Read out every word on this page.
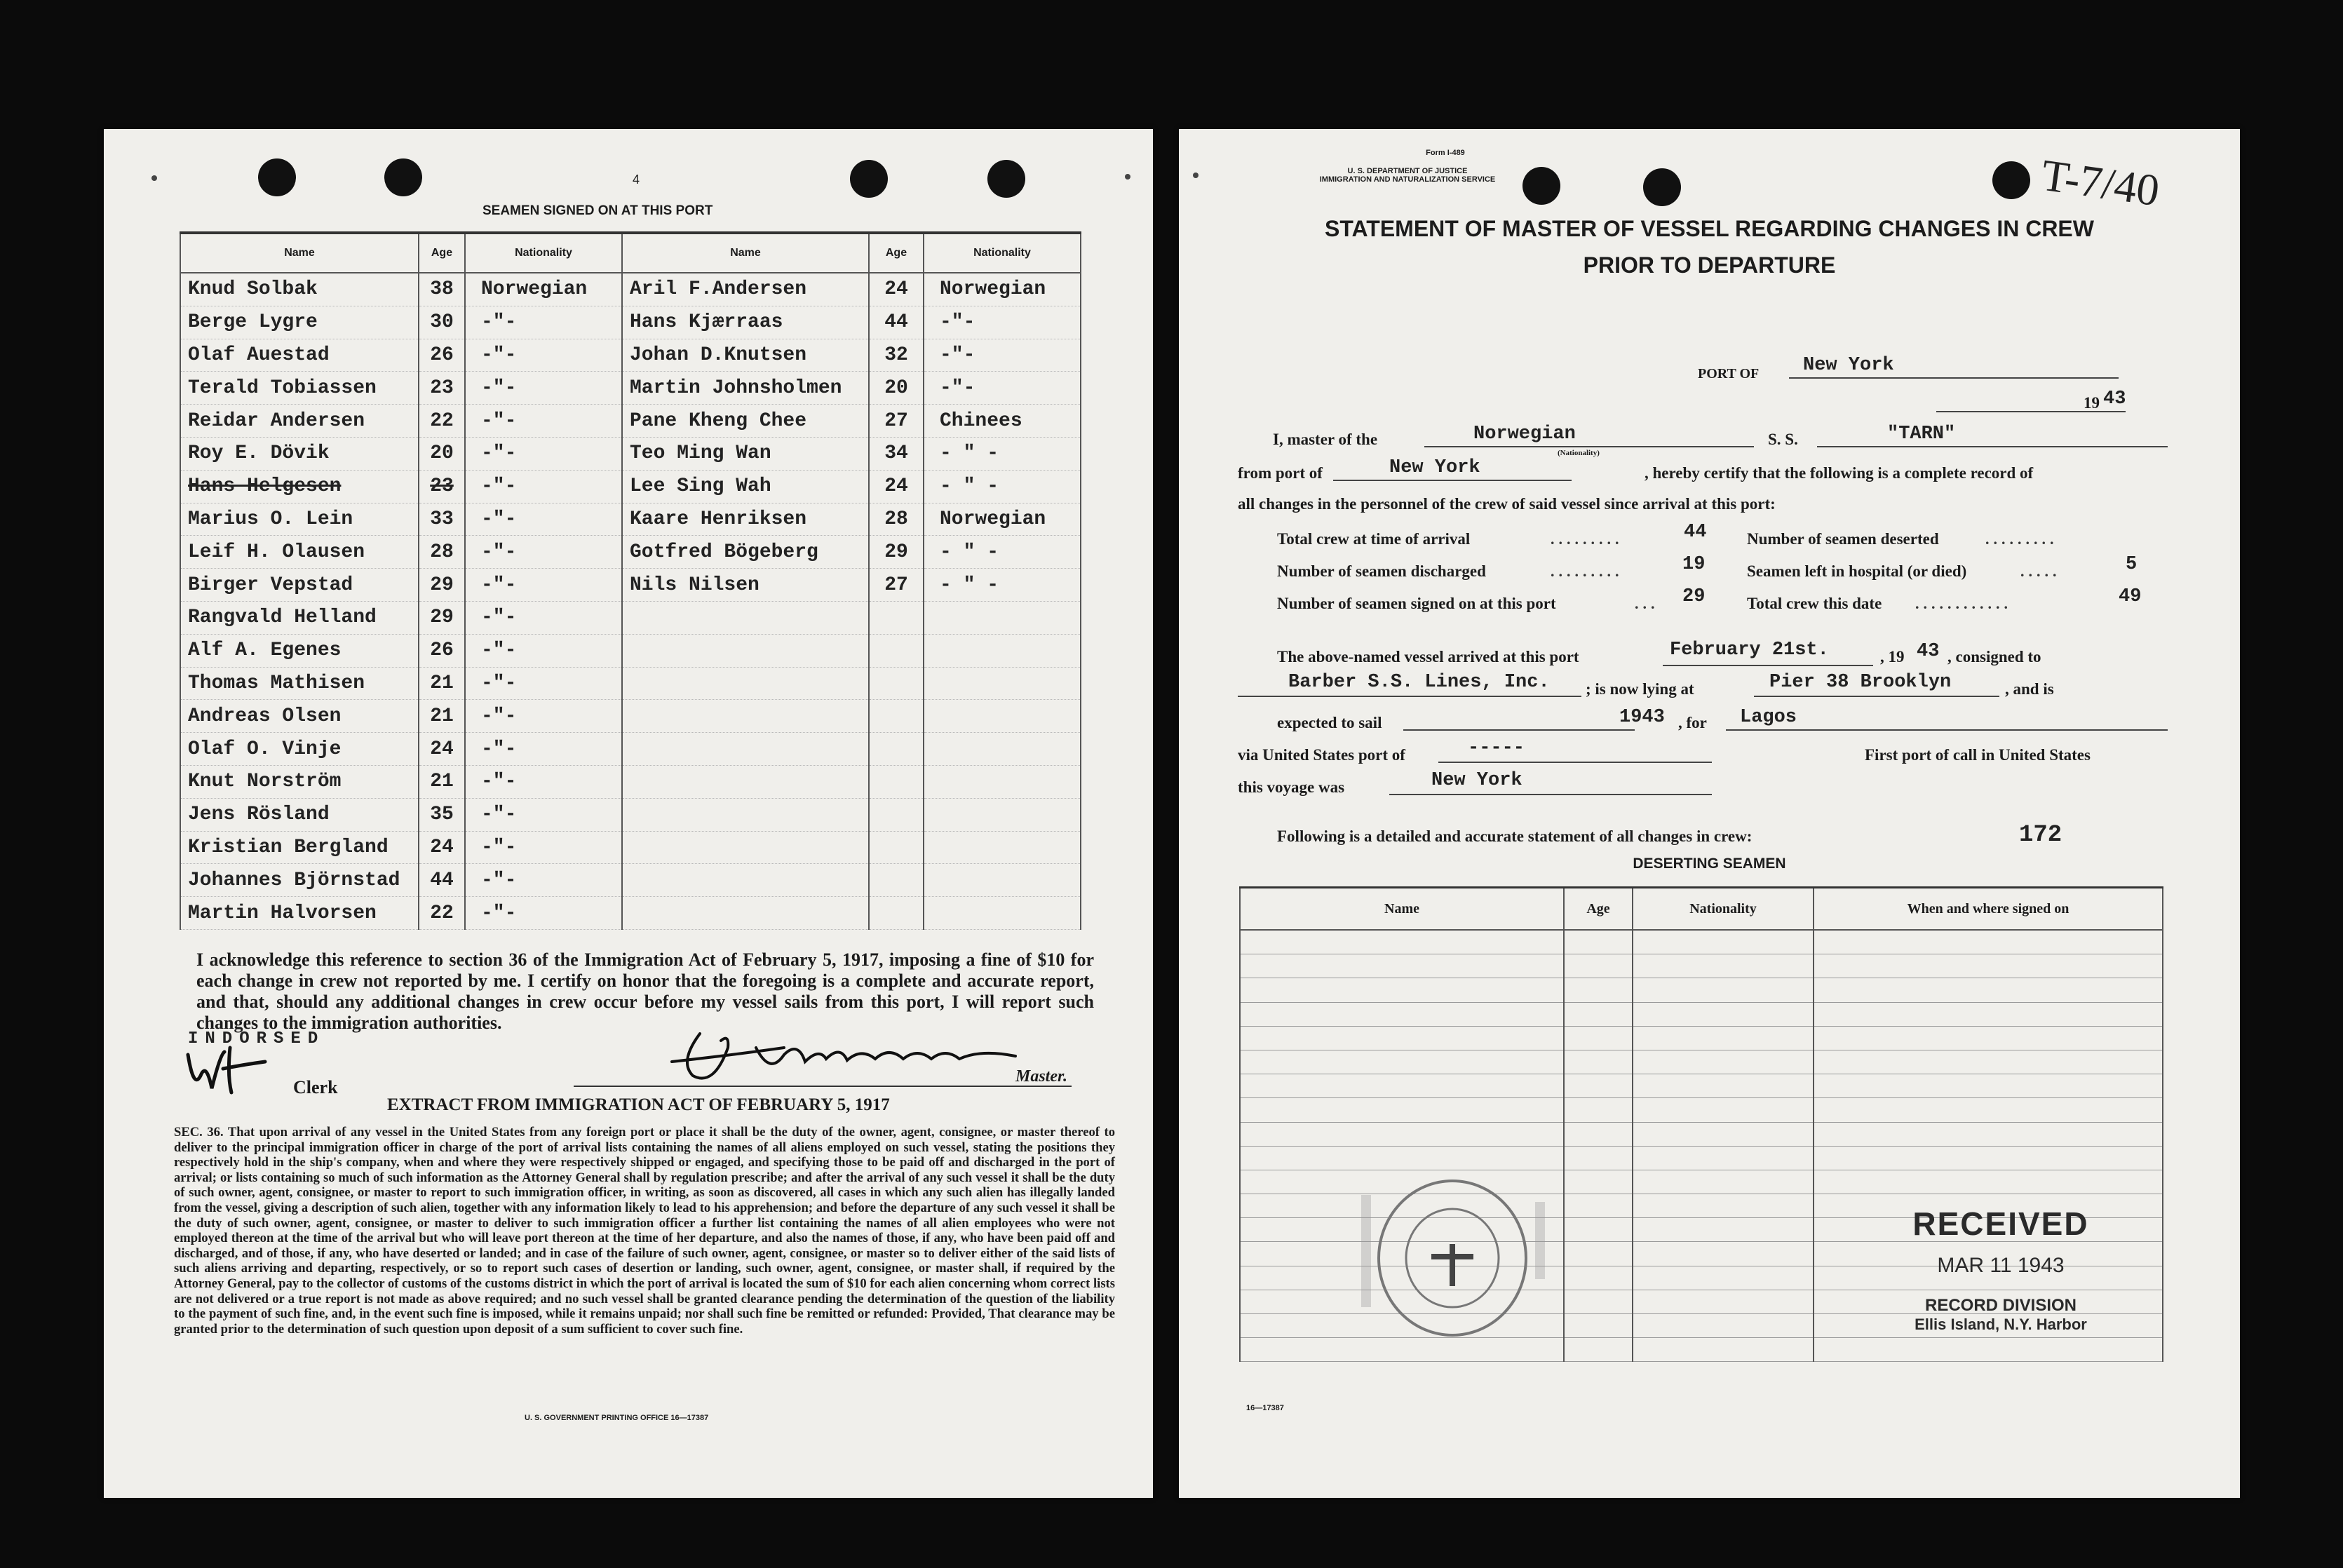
4
SEAMEN SIGNED ON AT THIS PORT
Name	Age	Nationality	Name	Age	Nationality
Knud Solbak	38	Norwegian	Aril F.Andersen	24	Norwegian
Berge Lygre	30	-"-	Hans Kjærraas	44	-"-
Olaf Auestad	26	-"-	Johan D.Knutsen	32	-"-
Terald Tobiassen	23	-"-	Martin Johnsholmen	20	-"-
Reidar Andersen	22	-"-	Pane Kheng Chee	27	Chinees
Roy E. Dövik	20	-"-	Teo Ming Wan	34	- " -
Hans Helgesen	23	-"-	Lee Sing Wah	24	- " -
Marius O. Lein	33	-"-	Kaare Henriksen	28	Norwegian
Leif H. Olausen	28	-"-	Gotfred Bögeberg	29	- " -
Birger Vepstad	29	-"-	Nils Nilsen	27	- " -
Rangvald Helland	29	-"-			
Alf A. Egenes	26	-"-			
Thomas Mathisen	21	-"-			
Andreas Olsen	21	-"-			
Olaf O. Vinje	24	-"-			
Knut Norström	21	-"-			
Jens Rösland	35	-"-			
Kristian Bergland	24	-"-			
Johannes Björnstad	44	-"-			
Martin Halvorsen	22	-"-			
I acknowledge this reference to section 36 of the Immigration Act of February 5, 1917, imposing a fine of $10 for each change in crew not reported by me. I certify on honor that the foregoing is a complete and accurate report, and that, should any additional changes in crew occur before my vessel sails from this port, I will report such changes to the immigration authorities.
INDORSED
Clerk
Master.
EXTRACT FROM IMMIGRATION ACT OF FEBRUARY 5, 1917
SEC. 36. That upon arrival of any vessel in the United States from any foreign port or place it shall be the duty of the owner, agent, consignee, or master thereof to deliver to the principal immigration officer in charge of the port of arrival lists containing the names of all aliens employed on such vessel, stating the positions they respectively hold in the ship's company, when and where they were respectively shipped or engaged, and specifying those to be paid off and discharged in the port of arrival; or lists containing so much of such information as the Attorney General shall by regulation prescribe; and after the arrival of any such vessel it shall be the duty of such owner, agent, consignee, or master to report to such immigration officer, in writing, as soon as discovered, all cases in which any such alien has illegally landed from the vessel, giving a description of such alien, together with any information likely to lead to his apprehension; and before the departure of any such vessel it shall be the duty of such owner, agent, consignee, or master to deliver to such immigration officer a further list containing the names of all alien employees who were not employed thereon at the time of the arrival but who will leave port thereon at the time of her departure, and also the names of those, if any, who have been paid off and discharged, and of those, if any, who have deserted or landed; and in case of the failure of such owner, agent, consignee, or master so to deliver either of the said lists of such aliens arriving and departing, respectively, or so to report such cases of desertion or landing, such owner, agent, consignee, or master shall, if required by the Attorney General, pay to the collector of customs of the customs district in which the port of arrival is located the sum of $10 for each alien concerning whom correct lists are not delivered or a true report is not made as above required; and no such vessel shall be granted clearance pending the determination of the question of the liability to the payment of such fine, and, in the event such fine is imposed, while it remains unpaid; nor shall such fine be remitted or refunded: Provided, That clearance may be granted prior to the determination of such question upon deposit of a sum sufficient to cover such fine.
U. S. GOVERNMENT PRINTING OFFICE 16—17387
Form I-489
U. S. DEPARTMENT OF JUSTICE
IMMIGRATION AND NATURALIZATION SERVICE	T-7/40
STATEMENT OF MASTER OF VESSEL REGARDING CHANGES IN CREW
PRIOR TO DEPARTURE
PORT OF New York
19 43
I, master of the	Norwegian
(Nationality)
S. S.	"TARN"
from port of	New York	, hereby certify that the following is a complete record of
all changes in the personnel of the crew of said vessel since arrival at this port:
Total crew at time of arrival	.........	44	Number of seamen deserted	.........
Number of seamen discharged	.........	19	Seamen left in hospital (or died)	.....	5
Number of seamen signed on at this port	... 29	Total crew this date ............	49
The above-named vessel arrived at this port	February 21st.	, 19 43 , consigned to
Barber S.S. Lines, Inc. ; is now lying at	Pier 38 Brooklyn	, and is
expected to sail	1943 , for Lagos
via United States port of	-----	First port of call in United States
this voyage was	New York
Following is a detailed and accurate statement of all changes in crew:	172
DESERTING SEAMEN
Name	Age	Nationality	When and where signed on

RECEIVED
MAR 11 1943
RECORD DIVISION
Ellis Island, N.Y. Harbor
16—17387
